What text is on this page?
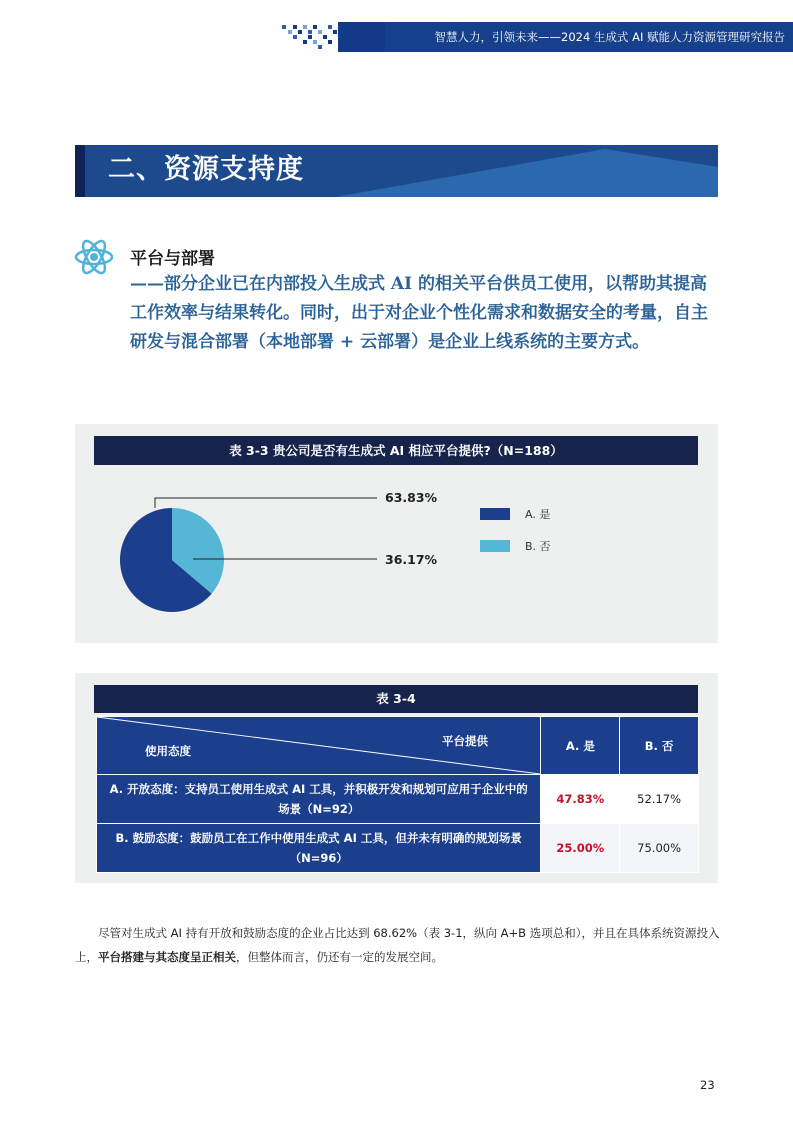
智慧人力，引领未来——2024 生成式 AI 赋能人力资源管理研究报告
二、资源支持度
平台与部署
——部分企业已在内部投入生成式 AI 的相关平台供员工使用，以帮助其提高工作效率与结果转化。同时，出于对企业个性化需求和数据安全的考量，自主研发与混合部署（本地部署 + 云部署）是企业上线系统的主要方式。
表 3-3 贵公司是否有生成式 AI 相应平台提供?（N=188）
63.83%
36.17%
A. 是
B. 否
表 3-4
平台提供
使用态度	A. 是	B. 否
A. 开放态度：支持员工使用生成式 AI 工具，并积极开发和规划可应用于企业中的场景（N=92）	47.83%	52.17%
B. 鼓励态度：鼓励员工在工作中使用生成式 AI 工具，但并未有明确的规划场景（N=96）	25.00%	75.00%
尽管对生成式 AI 持有开放和鼓励态度的企业占比达到 68.62%（表 3-1，纵向 A+B 选项总和），并且在具体系统资源投入上，平台搭建与其态度呈正相关，但整体而言，仍还有一定的发展空间。
23
